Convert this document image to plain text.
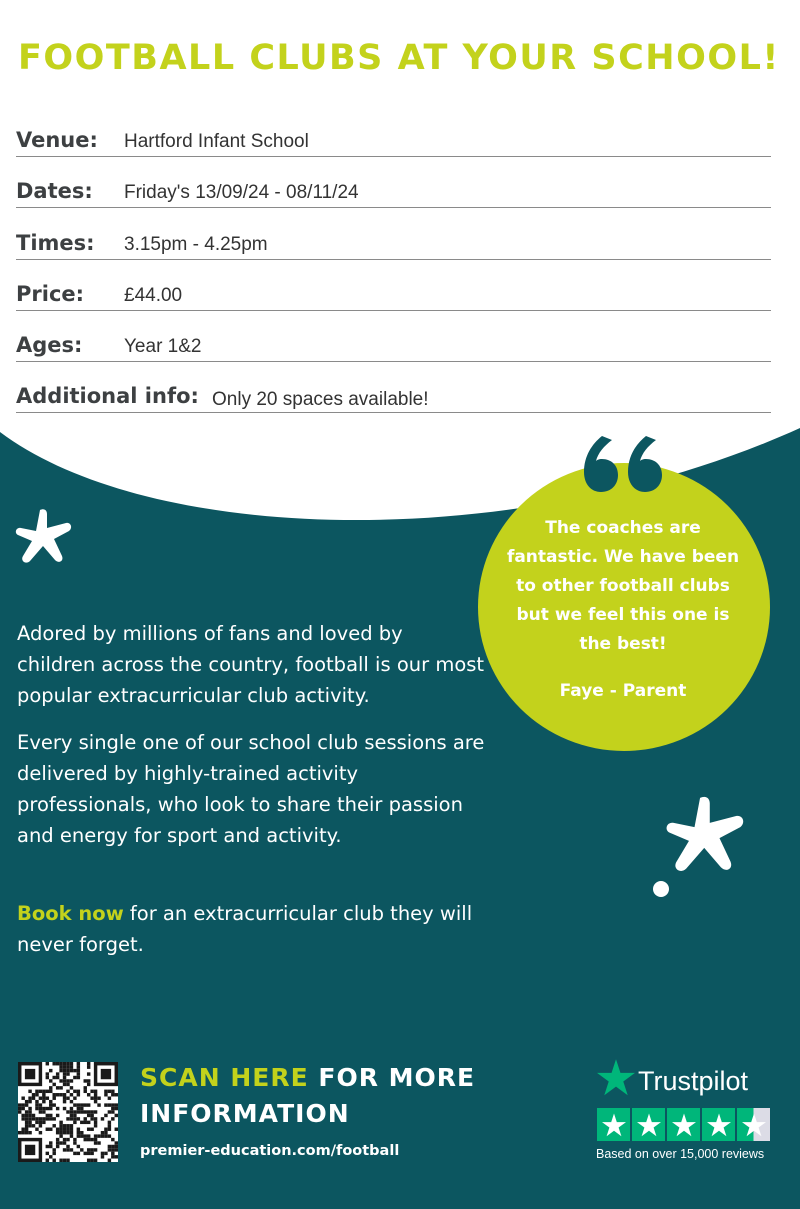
FOOTBALL CLUBS AT YOUR SCHOOL!
Venue: Hartford Infant School
Dates: Friday's 13/09/24 - 08/11/24
Times: 3.15pm - 4.25pm
Price: £44.00
Ages: Year 1&2
Additional info: Only 20 spaces available!
The coaches are fantastic. We have been to other football clubs but we feel this one is the best!
Faye - Parent
Adored by millions of fans and loved by children across the country, football is our most popular extracurricular club activity.
Every single one of our school club sessions are delivered by highly-trained activity professionals, who look to share their passion and energy for sport and activity.
Book now for an extracurricular club they will never forget.
SCAN HERE FOR MORE INFORMATION
premier-education.com/football
Trustpilot
Based on over 15,000 reviews
